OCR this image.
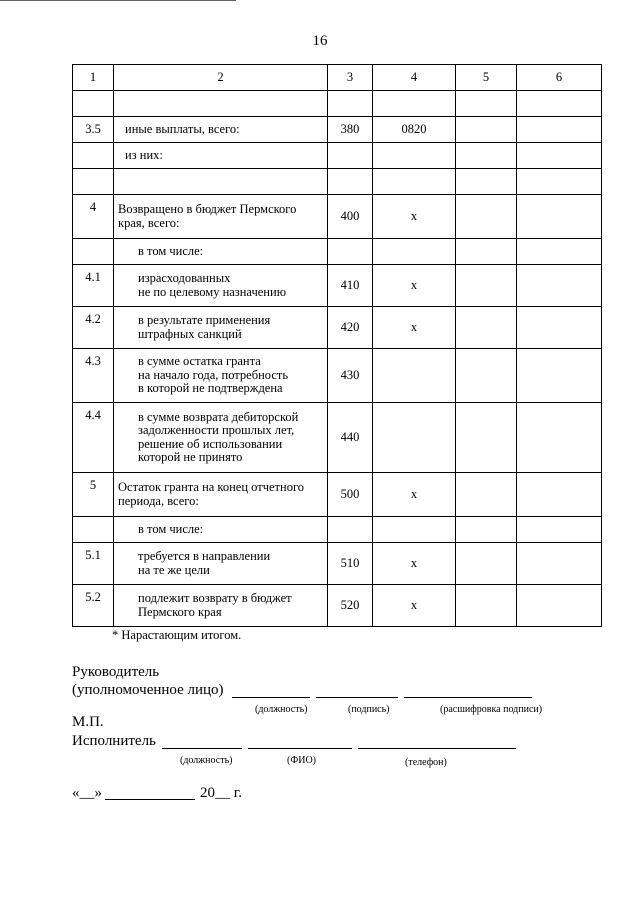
16
1	2	3	4	5	6

3.5	иные выплаты, всего:	380	0820		

	из них:				

4	Возвращено в бюджет Пермского
края, всего:	400	x		

	в том числе:				

4.1	израсходованных
не по целевому назначению	410	x		
4.2	в результате применения
штрафных санкций	420	x		
4.3	в сумме остатка гранта
на начало года, потребность
в которой не подтверждена	430			
4.4	в сумме возврата дебиторской
задолженности прошлых лет,
решение об использовании
которой не принято	440			
5	Остаток гранта на конец отчетного
периода, всего:	500	x		

	в том числе:				

5.1	требуется в направлении
на те же цели	510	x		
5.2	подлежит возврату в бюджет
Пермского края	520	x		
* Нарастающим итогом.
Руководитель
(уполномоченное лицо)
(должность)	(подпись)	(расшифровка подписи)
М.П.
Исполнитель
(должность)	(ФИО)	(телефон)
«__»	20__ г.
